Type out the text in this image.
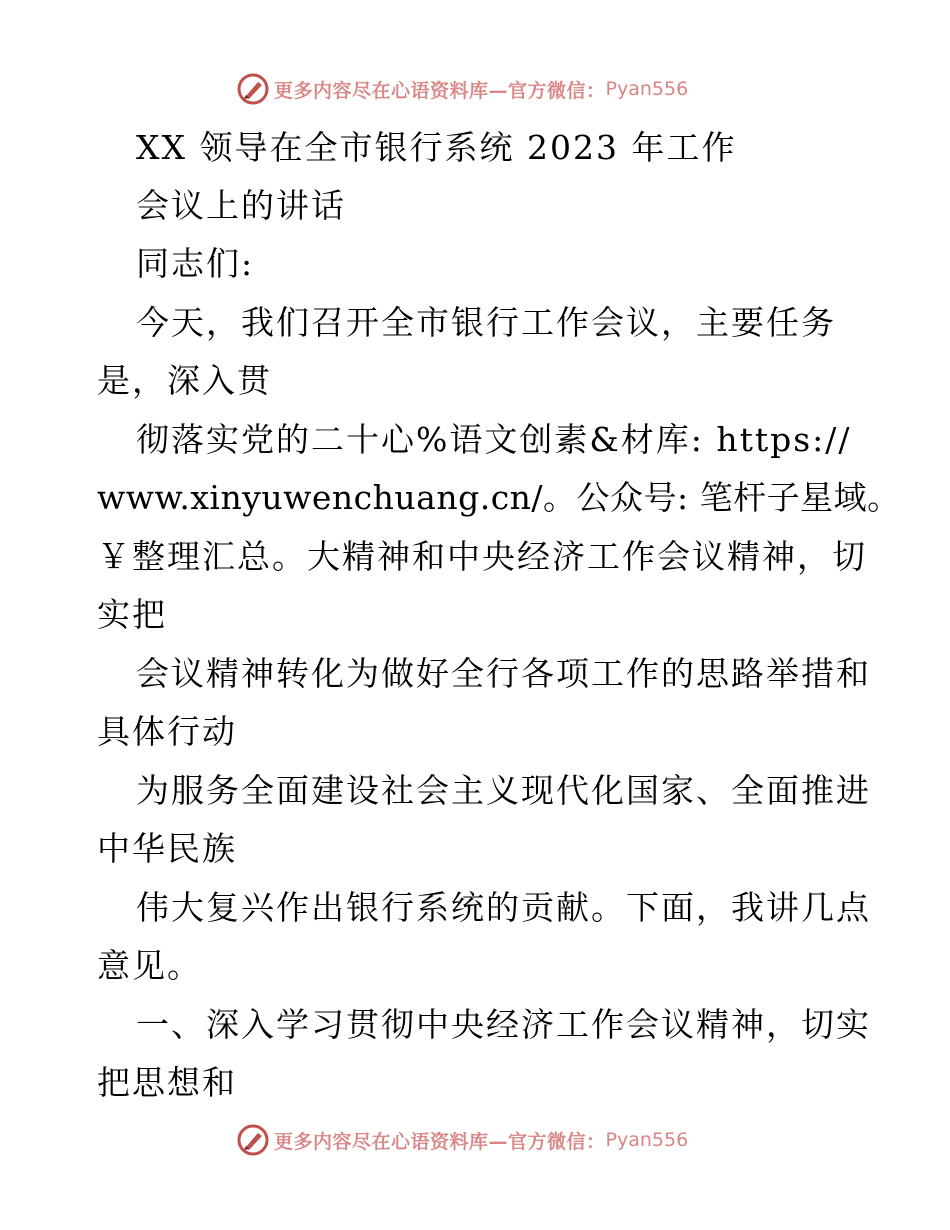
更多内容尽在心语资料库—官方微信： Pyan556
XX 领导在全市银行系统 2023 年工作
会议上的讲话
同志们:
今天，我们召开全市银行工作会议，主要任务
是，深入贯
彻落实党的二十心%语文创素&材库: https://
www.xinyuwenchuang.cn/。公众号: 笔杆子星域。
￥整理汇总。大精神和中央经济工作会议精神，切
实把
会议精神转化为做好全行各项工作的思路举措和
具体行动
为服务全面建设社会主义现代化国家、全面推进
中华民族
伟大复兴作出银行系统的贡献。下面，我讲几点
意见。
一、深入学习贯彻中央经济工作会议精神，切实
把思想和
更多内容尽在心语资料库—官方微信： Pyan556
